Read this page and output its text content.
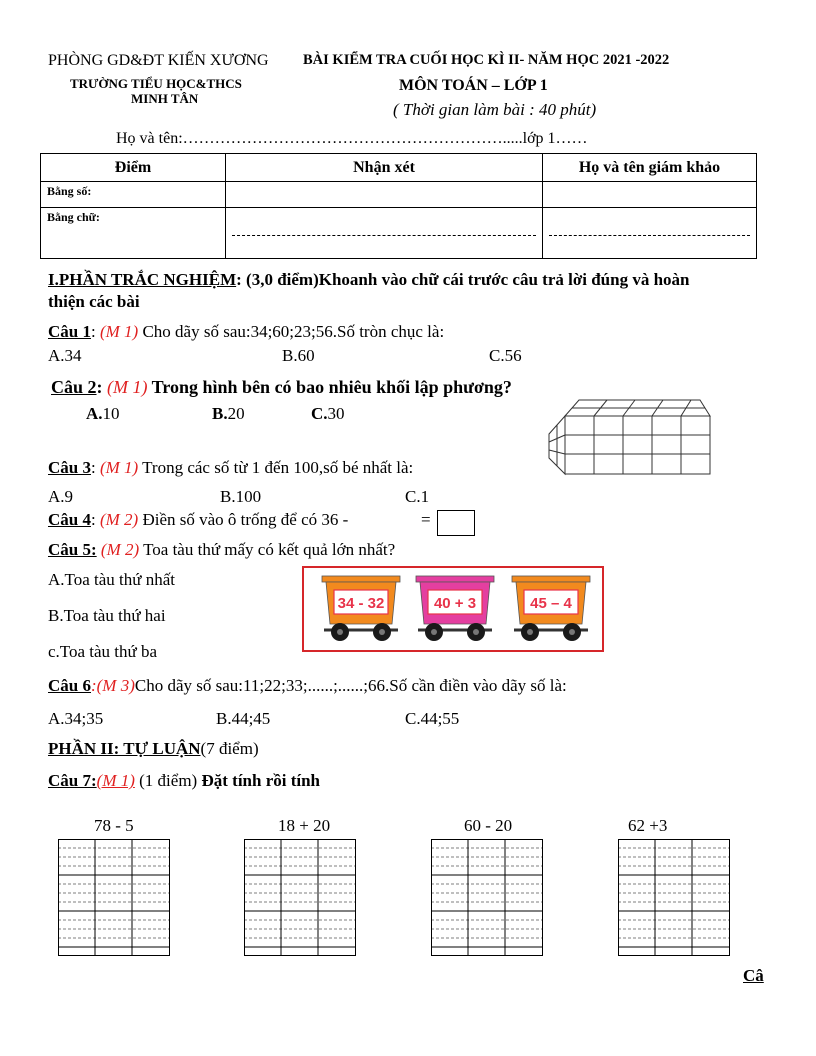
PHÒNG GD&ĐT KIẾN XƯƠNG
TRƯỜNG TIỂU HỌC&THCS
MINH TÂN
BÀI KIỂM TRA CUỐI HỌC KÌ II- NĂM HỌC 2021 -2022
MÔN TOÁN – LỚP 1
( Thời gian làm bài : 40 phút)
Họ và tên:…………………………………………………….....lớp 1……
Điểm	Nhận xét	Họ và tên giám khảo
Bằng số:		
Bằng chữ:	

I.PHẦN TRẮC NGHIỆM: (3,0 điểm)Khoanh vào chữ cái trước câu trả lời đúng và hoàn
thiện các bài
Câu 1: (M 1) Cho dãy số sau:34;60;23;56.Số tròn chục là:
A.34	B.60	C.56
Câu 2: (M 1) Trong hình bên có bao nhiêu khối lập phương?
A.10	B.20	C.30
Câu 3: (M 1) Trong các số từ 1 đến 100,số bé nhất là:
A.9	B.100	C.1
Câu 4: (M 2) Điền số vào ô trống để có 36 -	=
Câu 5: (M 2) Toa tàu thứ mấy có kết quả lớn nhất?
A.Toa tàu thứ nhất
B.Toa tàu thứ hai
c.Toa tàu thứ ba
34 - 32	40 + 3	45 – 4
Câu 6:(M 3)Cho dãy số sau:11;22;33;......;......;66.Số cần điền vào dãy số là:
A.34;35	B.44;45	C.44;55
PHẦN II: TỰ LUẬN(7 điểm)
Câu 7:(M 1) (1 điểm) Đặt tính rồi tính
78 - 5	18 + 20	60 - 20	62 +3
Câ
